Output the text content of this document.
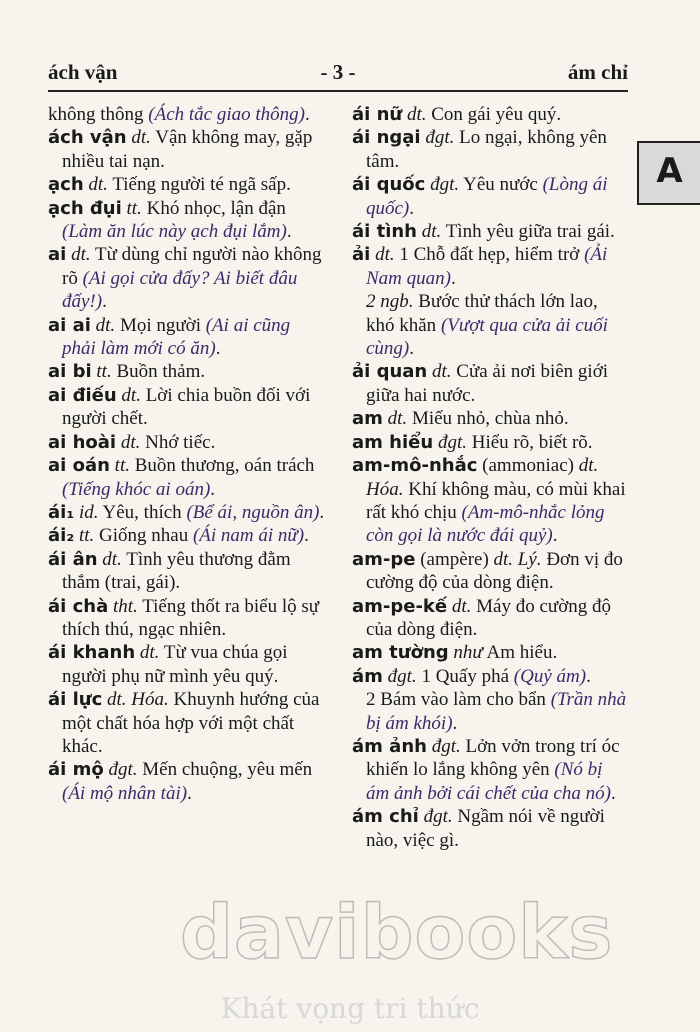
ách vận	- 3 -	ám chỉ
A

không thông (Ách tắc giao thông).

ách vận dt. Vận không may, gặp nhiều tai nạn.

ạch dt. Tiếng người té ngã sấp.

ạch đụi tt. Khó nhọc, lận đận (Làm ăn lúc này ạch đụi lắm).

ai dt. Từ dùng chỉ người nào không rõ (Ai gọi cửa đấy? Ai biết đâu đấy!).

ai ai dt. Mọi người (Ai ai cũng phải làm mới có ăn).

ai bi tt. Buồn thảm.

ai điếu dt. Lời chia buồn đối với người chết.

ai hoài dt. Nhớ tiếc.

ai oán tt. Buồn thương, oán trách (Tiếng khóc ai oán).

ái₁ id. Yêu, thích (Bể ái, nguồn ân).

ái₂ tt. Giống nhau (Ái nam ái nữ).

ái ân dt. Tình yêu thương đằm thắm (trai, gái).

ái chà tht. Tiếng thốt ra biểu lộ sự thích thú, ngạc nhiên.

ái khanh dt. Từ vua chúa gọi người phụ nữ mình yêu quý.

ái lực dt. Hóa. Khuynh hướng của một chất hóa hợp với một chất khác.

ái mộ đgt. Mến chuộng, yêu mến (Ái mộ nhân tài).

ái nữ dt. Con gái yêu quý.

ái ngại đgt. Lo ngại, không yên tâm.

ái quốc đgt. Yêu nước (Lòng ái quốc).

ái tình dt. Tình yêu giữa trai gái.

ải dt. 1 Chỗ đất hẹp, hiểm trở (Ải Nam quan).

2 ngb. Bước thử thách lớn lao, khó khăn (Vượt qua cửa ải cuối cùng).

ải quan dt. Cửa ải nơi biên giới giữa hai nước.

am dt. Miếu nhỏ, chùa nhỏ.

am hiểu đgt. Hiểu rõ, biết rõ.

am-mô-nhắc (ammoniac) dt. Hóa. Khí không màu, có mùi khai rất khó chịu (Am-mô-nhắc lỏng còn gọi là nước đái quỷ).

am-pe (ampère) dt. Lý. Đơn vị đo cường độ của dòng điện.

am-pe-kế dt. Máy đo cường độ của dòng điện.

am tường như Am hiểu.

ám đgt. 1 Quấy phá (Quỷ ám).

2 Bám vào làm cho bẩn (Trần nhà bị ám khói).

ám ảnh đgt. Lởn vởn trong trí óc khiến lo lắng không yên (Nó bị ám ảnh bởi cái chết của cha nó).

ám chỉ đgt. Ngầm nói về người nào, việc gì.

davibooks
Khát vọng tri thức
